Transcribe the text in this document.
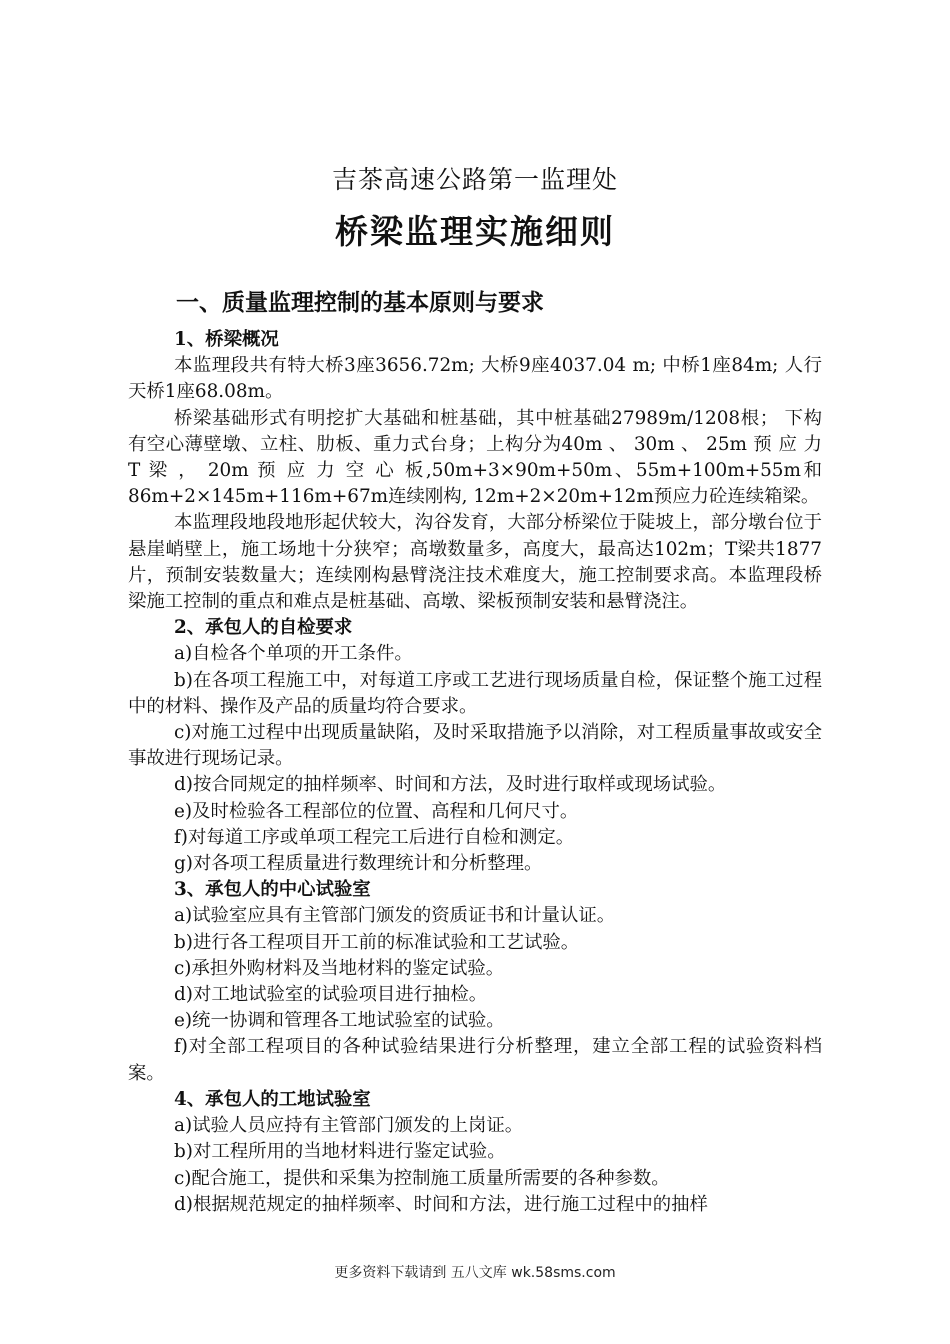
吉茶高速公路第一监理处
桥梁监理实施细则
一、质量监理控制的基本原则与要求
1、桥梁概况

本监理段共有特大桥3座3656.72m; 大桥9座4037.04 m; 中桥1座84m; 人行天桥1座68.08m。

桥梁基础形式有明挖扩大基础和桩基础，其中桩基础27989m/1208根； 下构有空心薄壁墩、立柱、肋板、重力式台身；上构分为40m 、 30m 、 25m 预 应 力 T 梁 ， 20m 预 应 力 空 心 板,50m+3×90m+50m、55m+100m+55m和86m+2×145m+116m+67m连续刚构, 12m+2×20m+12m预应力砼连续箱梁。

本监理段地段地形起伏较大，沟谷发育，大部分桥梁位于陡坡上，部分墩台位于悬崖峭壁上，施工场地十分狭窄；高墩数量多，高度大，最高达102m；T梁共1877片，预制安装数量大；连续刚构悬臂浇注技术难度大，施工控制要求高。本监理段桥梁施工控制的重点和难点是桩基础、高墩、梁板预制安装和悬臂浇注。

2、承包人的自检要求

a)自检各个单项的开工条件。

b)在各项工程施工中，对每道工序或工艺进行现场质量自检，保证整个施工过程中的材料、操作及产品的质量均符合要求。

c)对施工过程中出现质量缺陷，及时采取措施予以消除，对工程质量事故或安全事故进行现场记录。

d)按合同规定的抽样频率、时间和方法，及时进行取样或现场试验。

e)及时检验各工程部位的位置、高程和几何尺寸。

f)对每道工序或单项工程完工后进行自检和测定。

g)对各项工程质量进行数理统计和分析整理。

3、承包人的中心试验室

a)试验室应具有主管部门颁发的资质证书和计量认证。

b)进行各工程项目开工前的标准试验和工艺试验。

c)承担外购材料及当地材料的鉴定试验。

d)对工地试验室的试验项目进行抽检。

e)统一协调和管理各工地试验室的试验。

f)对全部工程项目的各种试验结果进行分析整理，建立全部工程的试验资料档案。

4、承包人的工地试验室

a)试验人员应持有主管部门颁发的上岗证。

b)对工程所用的当地材料进行鉴定试验。

c)配合施工，提供和采集为控制施工质量所需要的各种参数。

d)根据规范规定的抽样频率、时间和方法，进行施工过程中的抽样

更多资料下载请到 五八文库 wk.58sms.com
